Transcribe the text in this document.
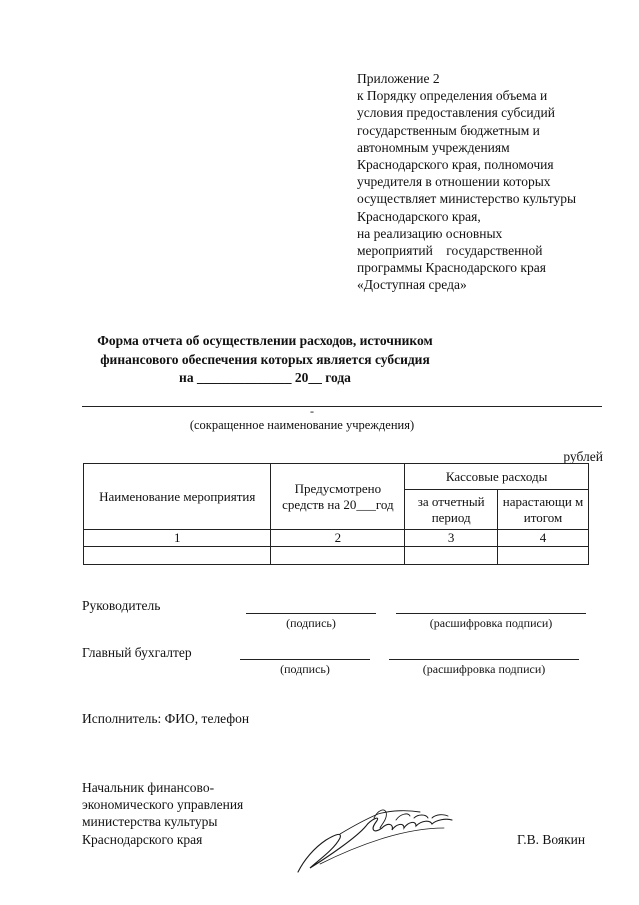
Приложение 2
к Порядку определения объема и
условия предоставления субсидий
государственным бюджетным и
автономным учреждениям
Краснодарского края, полномочия
учредителя в отношении которых
осуществляет министерство культуры
Краснодарского края,
на реализацию основных
мероприятий    государственной
программы Краснодарского края
«Доступная среда»
Форма отчета об осуществлении расходов, источником
финансового обеспечения которых является субсидия
на ______________ 20__ года
-
(сокращенное наименование учреждения)
рублей
Наименование мероприятия	Предусмотрено средств на 20___год	Кассовые расходы	
		за отчетный период	нарастающи м итогом
1	2	3	4

Руководитель
(подпись)	(расшифровка подписи)
Главный бухгалтер
(подпись)	(расшифровка подписи)
Исполнитель: ФИО, телефон
Начальник финансово-
экономического управления
министерства культуры
Краснодарского края	Г.В. Воякин
